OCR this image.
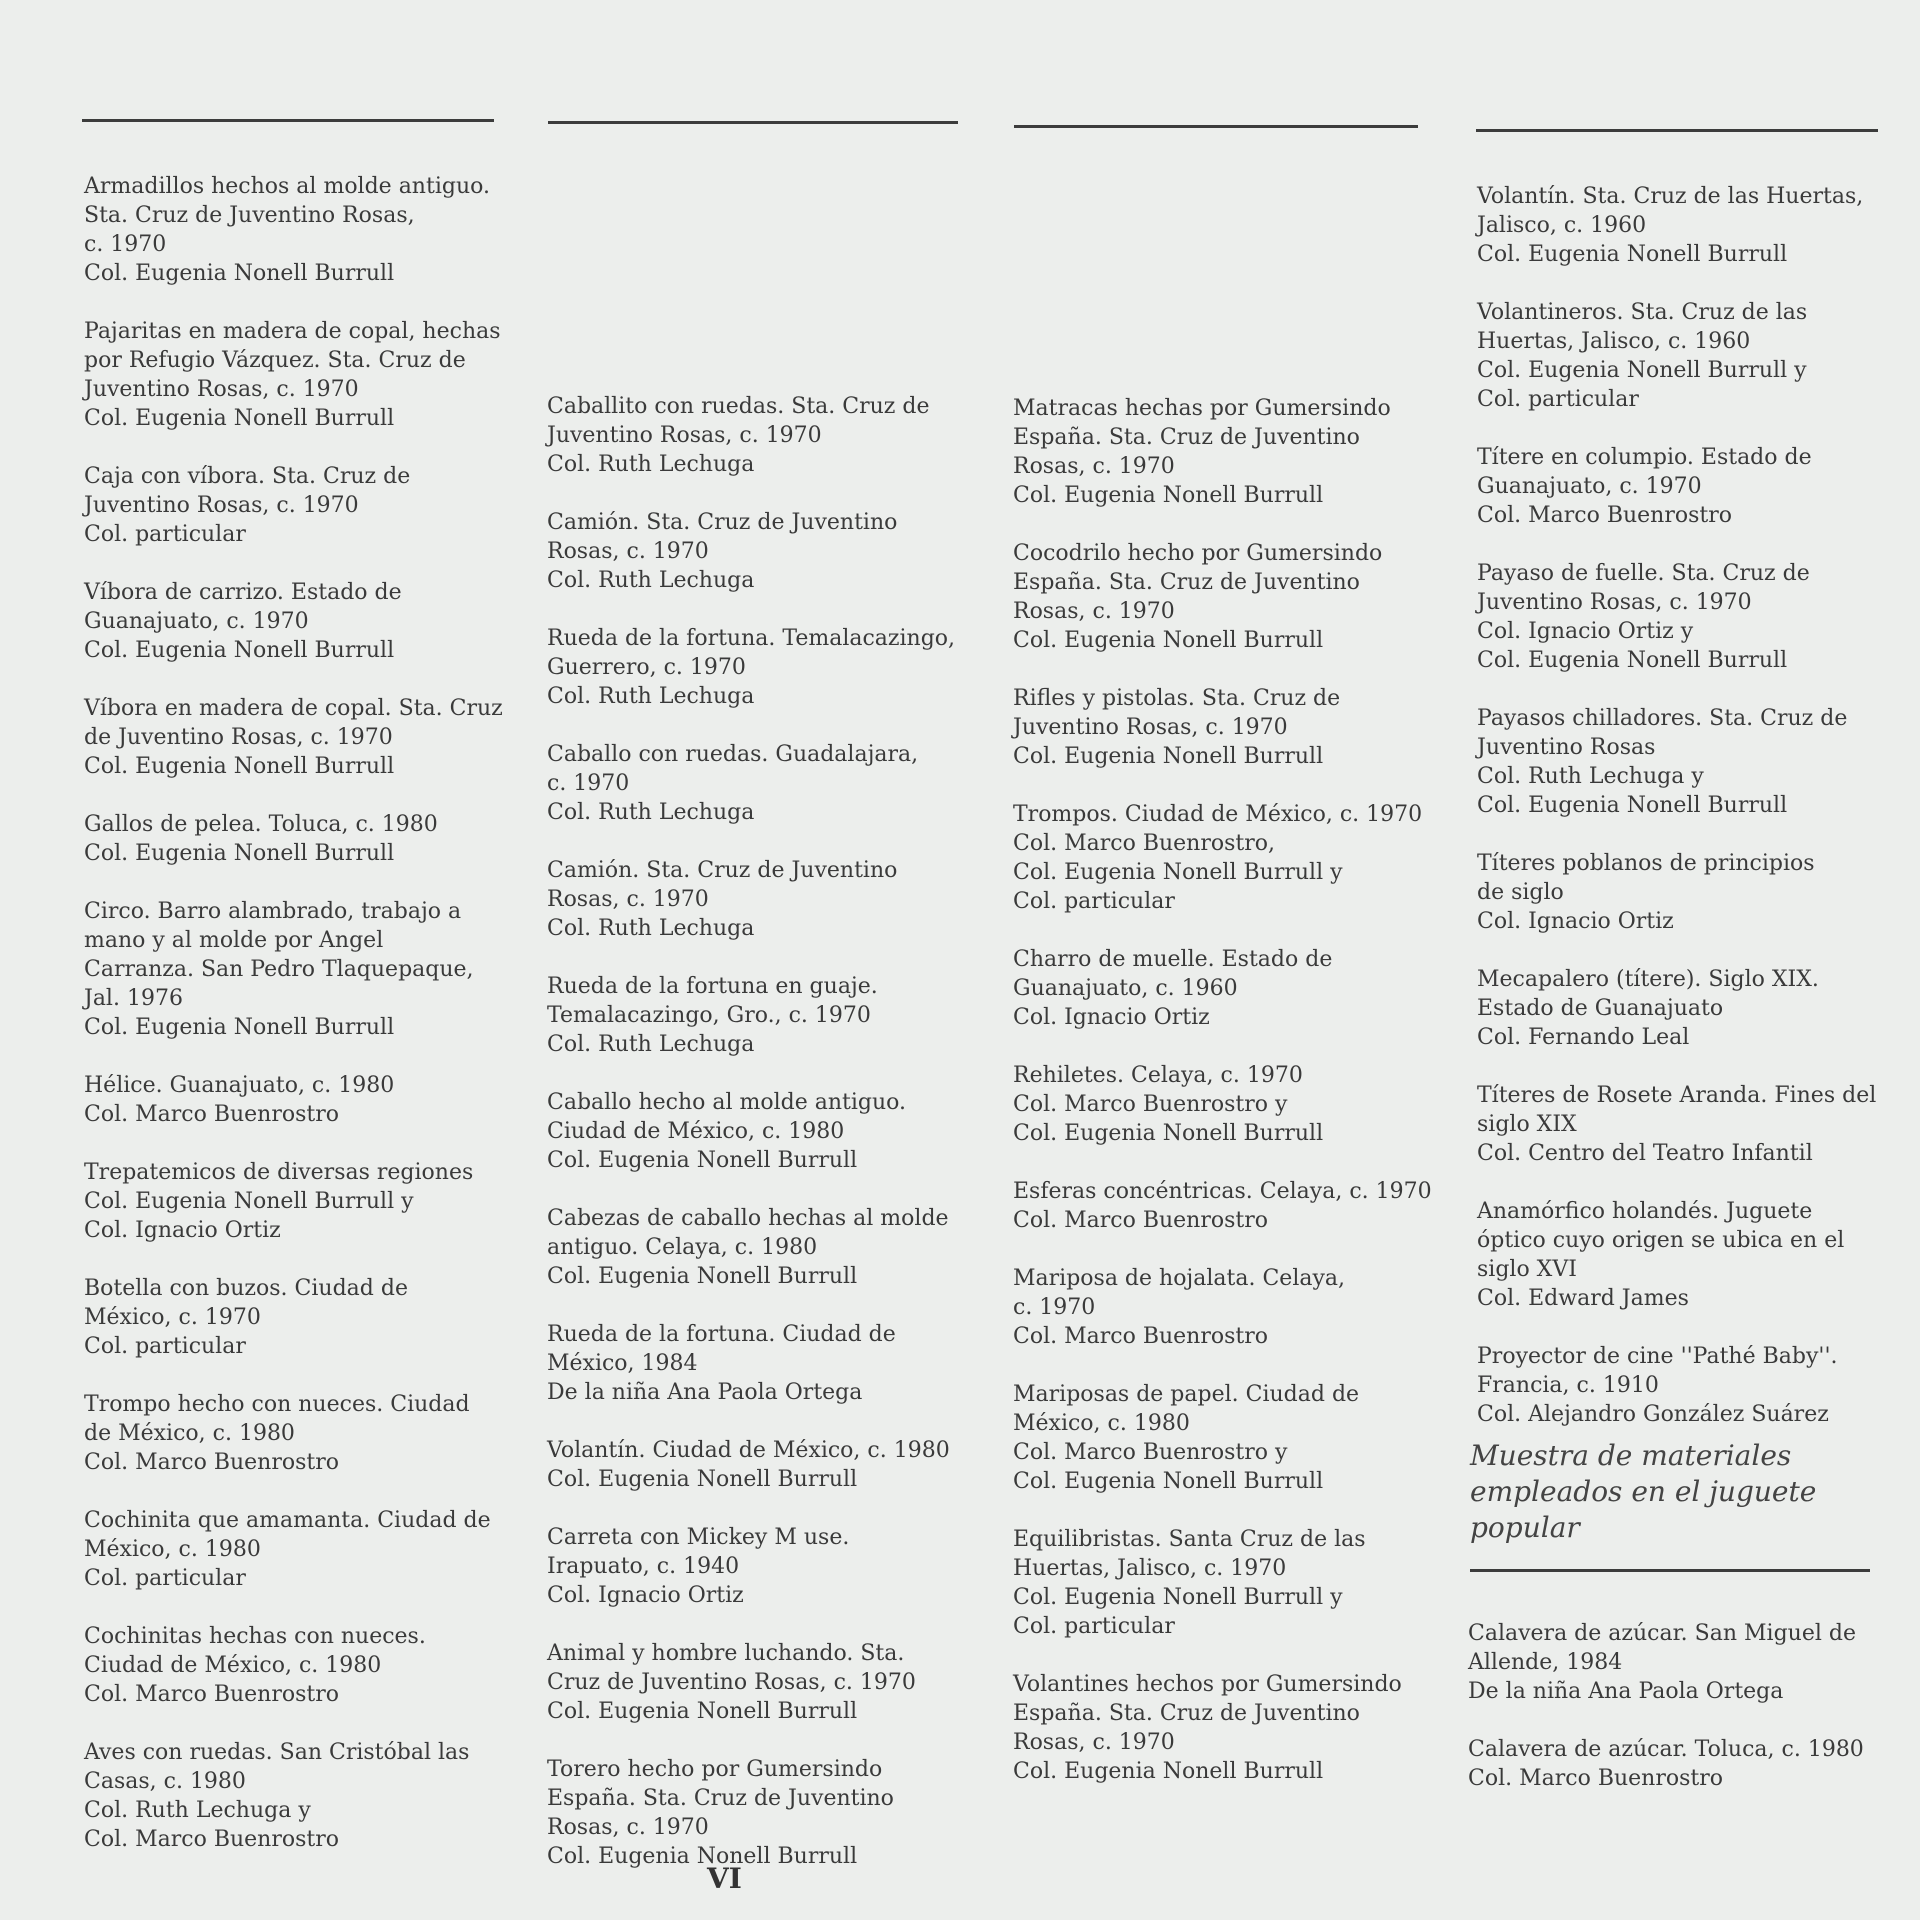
Armadillos hechos al molde antiguo.
Sta. Cruz de Juventino Rosas,
c. 1970
Col. Eugenia Nonell Burrull

Pajaritas en madera de copal, hechas
por Refugio Vázquez. Sta. Cruz de
Juventino Rosas, c. 1970
Col. Eugenia Nonell Burrull

Caja con víbora. Sta. Cruz de
Juventino Rosas, c. 1970
Col. particular

Víbora de carrizo. Estado de
Guanajuato, c. 1970
Col. Eugenia Nonell Burrull

Víbora en madera de copal. Sta. Cruz
de Juventino Rosas, c. 1970
Col. Eugenia Nonell Burrull

Gallos de pelea. Toluca, c. 1980
Col. Eugenia Nonell Burrull

Circo. Barro alambrado, trabajo a
mano y al molde por Angel
Carranza. San Pedro Tlaquepaque,
Jal. 1976
Col. Eugenia Nonell Burrull

Hélice. Guanajuato, c. 1980
Col. Marco Buenrostro

Trepatemicos de diversas regiones
Col. Eugenia Nonell Burrull y
Col. Ignacio Ortiz

Botella con buzos. Ciudad de
México, c. 1970
Col. particular

Trompo hecho con nueces. Ciudad
de México, c. 1980
Col. Marco Buenrostro

Cochinita que amamanta. Ciudad de
México, c. 1980
Col. particular

Cochinitas hechas con nueces.
Ciudad de México, c. 1980
Col. Marco Buenrostro

Aves con ruedas. San Cristóbal las
Casas, c. 1980
Col. Ruth Lechuga y
Col. Marco Buenrostro

Caballito con ruedas. Sta. Cruz de
Juventino Rosas, c. 1970
Col. Ruth Lechuga

Camión. Sta. Cruz de Juventino
Rosas, c. 1970
Col. Ruth Lechuga

Rueda de la fortuna. Temalacazingo,
Guerrero, c. 1970
Col. Ruth Lechuga

Caballo con ruedas. Guadalajara,
c. 1970
Col. Ruth Lechuga

Camión. Sta. Cruz de Juventino
Rosas, c. 1970
Col. Ruth Lechuga

Rueda de la fortuna en guaje.
Temalacazingo, Gro., c. 1970
Col. Ruth Lechuga

Caballo hecho al molde antiguo.
Ciudad de México, c. 1980
Col. Eugenia Nonell Burrull

Cabezas de caballo hechas al molde
antiguo. Celaya, c. 1980
Col. Eugenia Nonell Burrull

Rueda de la fortuna. Ciudad de
México, 1984
De la niña Ana Paola Ortega

Volantín. Ciudad de México, c. 1980
Col. Eugenia Nonell Burrull

Carreta con Mickey M use.
Irapuato, c. 1940
Col. Ignacio Ortiz

Animal y hombre luchando. Sta.
Cruz de Juventino Rosas, c. 1970
Col. Eugenia Nonell Burrull

Torero hecho por Gumersindo
España. Sta. Cruz de Juventino
Rosas, c. 1970
Col. Eugenia Nonell Burrull

Matracas hechas por Gumersindo
España. Sta. Cruz de Juventino
Rosas, c. 1970
Col. Eugenia Nonell Burrull

Cocodrilo hecho por Gumersindo
España. Sta. Cruz de Juventino
Rosas, c. 1970
Col. Eugenia Nonell Burrull

Rifles y pistolas. Sta. Cruz de
Juventino Rosas, c. 1970
Col. Eugenia Nonell Burrull

Trompos. Ciudad de México, c. 1970
Col. Marco Buenrostro,
Col. Eugenia Nonell Burrull y
Col. particular

Charro de muelle. Estado de
Guanajuato, c. 1960
Col. Ignacio Ortiz

Rehiletes. Celaya, c. 1970
Col. Marco Buenrostro y
Col. Eugenia Nonell Burrull

Esferas concéntricas. Celaya, c. 1970
Col. Marco Buenrostro

Mariposa de hojalata. Celaya,
c. 1970
Col. Marco Buenrostro

Mariposas de papel. Ciudad de
México, c. 1980
Col. Marco Buenrostro y
Col. Eugenia Nonell Burrull

Equilibristas. Santa Cruz de las
Huertas, Jalisco, c. 1970
Col. Eugenia Nonell Burrull y
Col. particular

Volantines hechos por Gumersindo
España. Sta. Cruz de Juventino
Rosas, c. 1970
Col. Eugenia Nonell Burrull

Volantín. Sta. Cruz de las Huertas,
Jalisco, c. 1960
Col. Eugenia Nonell Burrull

Volantineros. Sta. Cruz de las
Huertas, Jalisco, c. 1960
Col. Eugenia Nonell Burrull y
Col. particular

Títere en columpio. Estado de
Guanajuato, c. 1970
Col. Marco Buenrostro

Payaso de fuelle. Sta. Cruz de
Juventino Rosas, c. 1970
Col. Ignacio Ortiz y
Col. Eugenia Nonell Burrull

Payasos chilladores. Sta. Cruz de
Juventino Rosas
Col. Ruth Lechuga y
Col. Eugenia Nonell Burrull

Títeres poblanos de principios
de siglo
Col. Ignacio Ortiz

Mecapalero (títere). Siglo XIX.
Estado de Guanajuato
Col. Fernando Leal

Títeres de Rosete Aranda. Fines del
siglo XIX
Col. Centro del Teatro Infantil

Anamórfico holandés. Juguete
óptico cuyo origen se ubica en el
siglo XVI
Col. Edward James

Proyector de cine ''Pathé Baby''.
Francia, c. 1910
Col. Alejandro González Suárez

Muestra de materiales
empleados en el juguete
popular

Calavera de azúcar. San Miguel de
Allende, 1984
De la niña Ana Paola Ortega

Calavera de azúcar. Toluca, c. 1980
Col. Marco Buenrostro

VI
